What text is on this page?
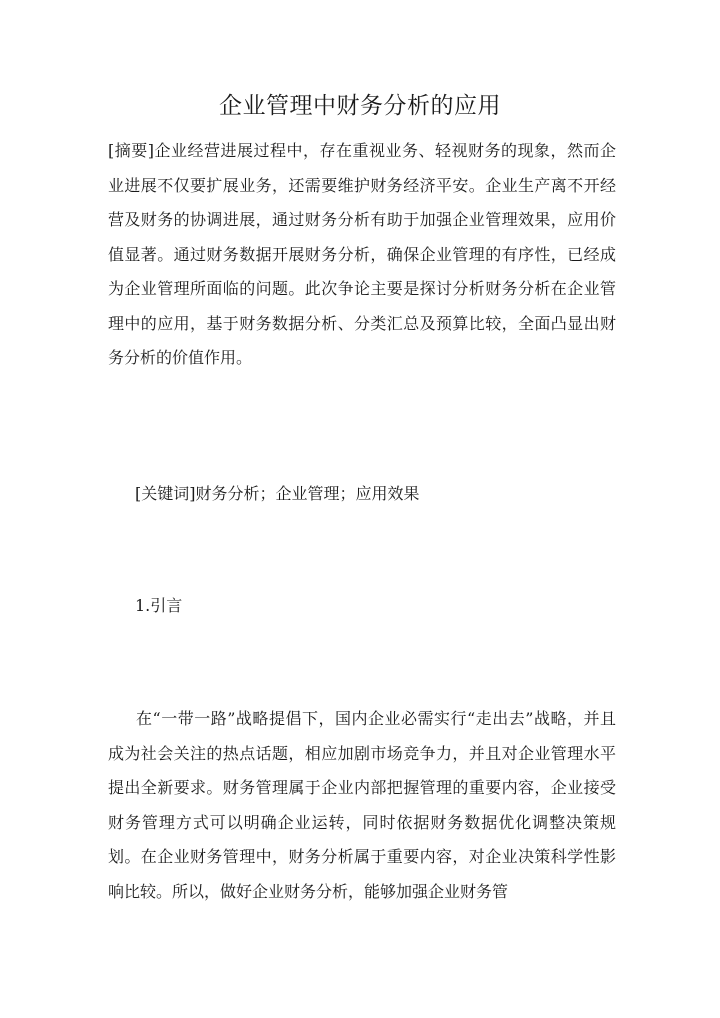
企业管理中财务分析的应用

[摘要]企业经营进展过程中，存在重视业务、轻视财务的现象，然而企业进展不仅要扩展业务，还需要维护财务经济平安。企业生产离不开经营及财务的协调进展，通过财务分析有助于加强企业管理效果，应用价值显著。通过财务数据开展财务分析，确保企业管理的有序性，已经成为企业管理所面临的问题。此次争论主要是探讨分析财务分析在企业管理中的应用，基于财务数据分析、分类汇总及预算比较，全面凸显出财务分析的价值作用。

[关键词]财务分析；企业管理；应用效果

1.引言

在“一带一路”战略提倡下，国内企业必需实行“走出去”战略，并且成为社会关注的热点话题，相应加剧市场竞争力，并且对企业管理水平提出全新要求。财务管理属于企业内部把握管理的重要内容，企业接受财务管理方式可以明确企业运转，同时依据财务数据优化调整决策规划。在企业财务管理中，财务分析属于重要内容，对企业决策科学性影响比较。所以，做好企业财务分析，能够加强企业财务管
